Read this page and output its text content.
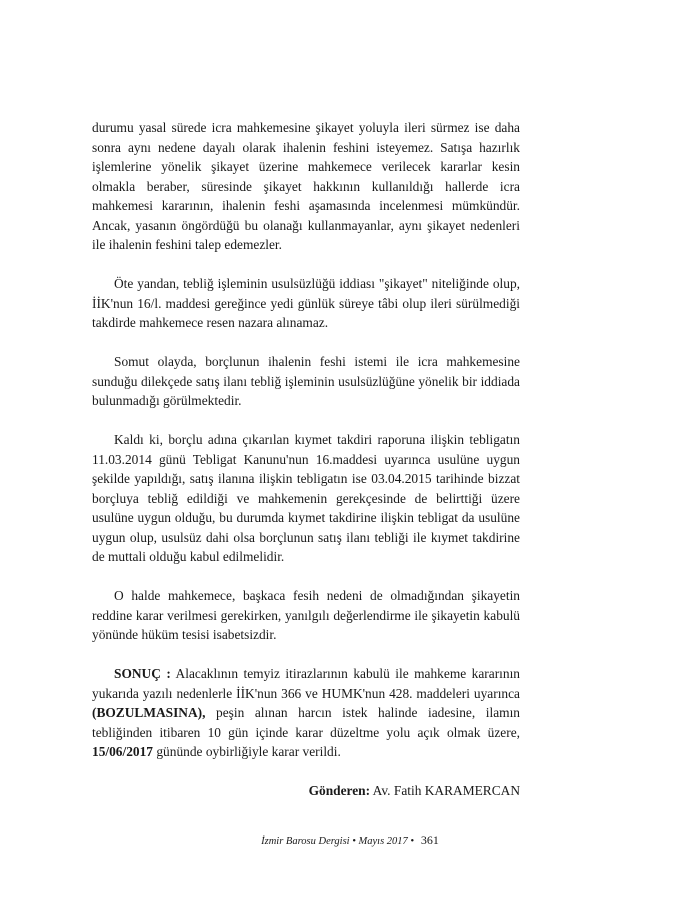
durumu yasal sürede icra mahkemesine şikayet yoluyla ileri sürmez ise daha sonra aynı nedene dayalı olarak ihalenin feshini isteyemez. Satışa hazırlık işlemlerine yönelik şikayet üzerine mahkemece verilecek kararlar kesin olmakla beraber, süresinde şikayet hakkının kullanıldığı hallerde icra mahkemesi kararının, ihalenin feshi aşamasında incelenmesi mümkündür. Ancak, yasanın öngördüğü bu olanağı kullanmayanlar, aynı şikayet nedenleri ile ihalenin feshini talep edemezler.

Öte yandan, tebliğ işleminin usulsüzlüğü iddiası "şikayet" niteliğinde olup, İİK'nun 16/l. maddesi gereğince yedi günlük süreye tâbi olup ileri sürülmediği takdirde mahkemece resen nazara alınamaz.

Somut olayda, borçlunun ihalenin feshi istemi ile icra mahkemesine sunduğu dilekçede satış ilanı tebliğ işleminin usulsüzlüğüne yönelik bir iddiada bulunmadığı görülmektedir.

Kaldı ki, borçlu adına çıkarılan kıymet takdiri raporuna ilişkin tebligatın 11.03.2014 günü Tebligat Kanunu'nun 16.maddesi uyarınca usulüne uygun şekilde yapıldığı, satış ilanına ilişkin tebligatın ise 03.04.2015 tarihinde bizzat borçluya tebliğ edildiği ve mahkemenin gerekçesinde de belirttiği üzere usulüne uygun olduğu, bu durumda kıymet takdirine ilişkin tebligat da usulüne uygun olup, usulsüz dahi olsa borçlunun satış ilanı tebliği ile kıymet takdirine de muttali olduğu kabul edilmelidir.

O halde mahkemece, başkaca fesih nedeni de olmadığından şikayetin reddine karar verilmesi gerekirken, yanılgılı değerlendirme ile şikayetin kabulü yönünde hüküm tesisi isabetsizdir.

SONUÇ : Alacaklının temyiz itirazlarının kabulü ile mahkeme kararının yukarıda yazılı nedenlerle İİK'nun 366 ve HUMK'nun 428. maddeleri uyarınca (BOZULMASINA), peşin alınan harcın istek halinde iadesine, ilamın tebliğinden itibaren 10 gün içinde karar düzeltme yolu açık olmak üzere, 15/06/2017 gününde oybirliğiyle karar verildi.

Gönderen: Av. Fatih KARAMERCAN

İzmir Barosu Dergisi • Mayıs 2017 • 361
